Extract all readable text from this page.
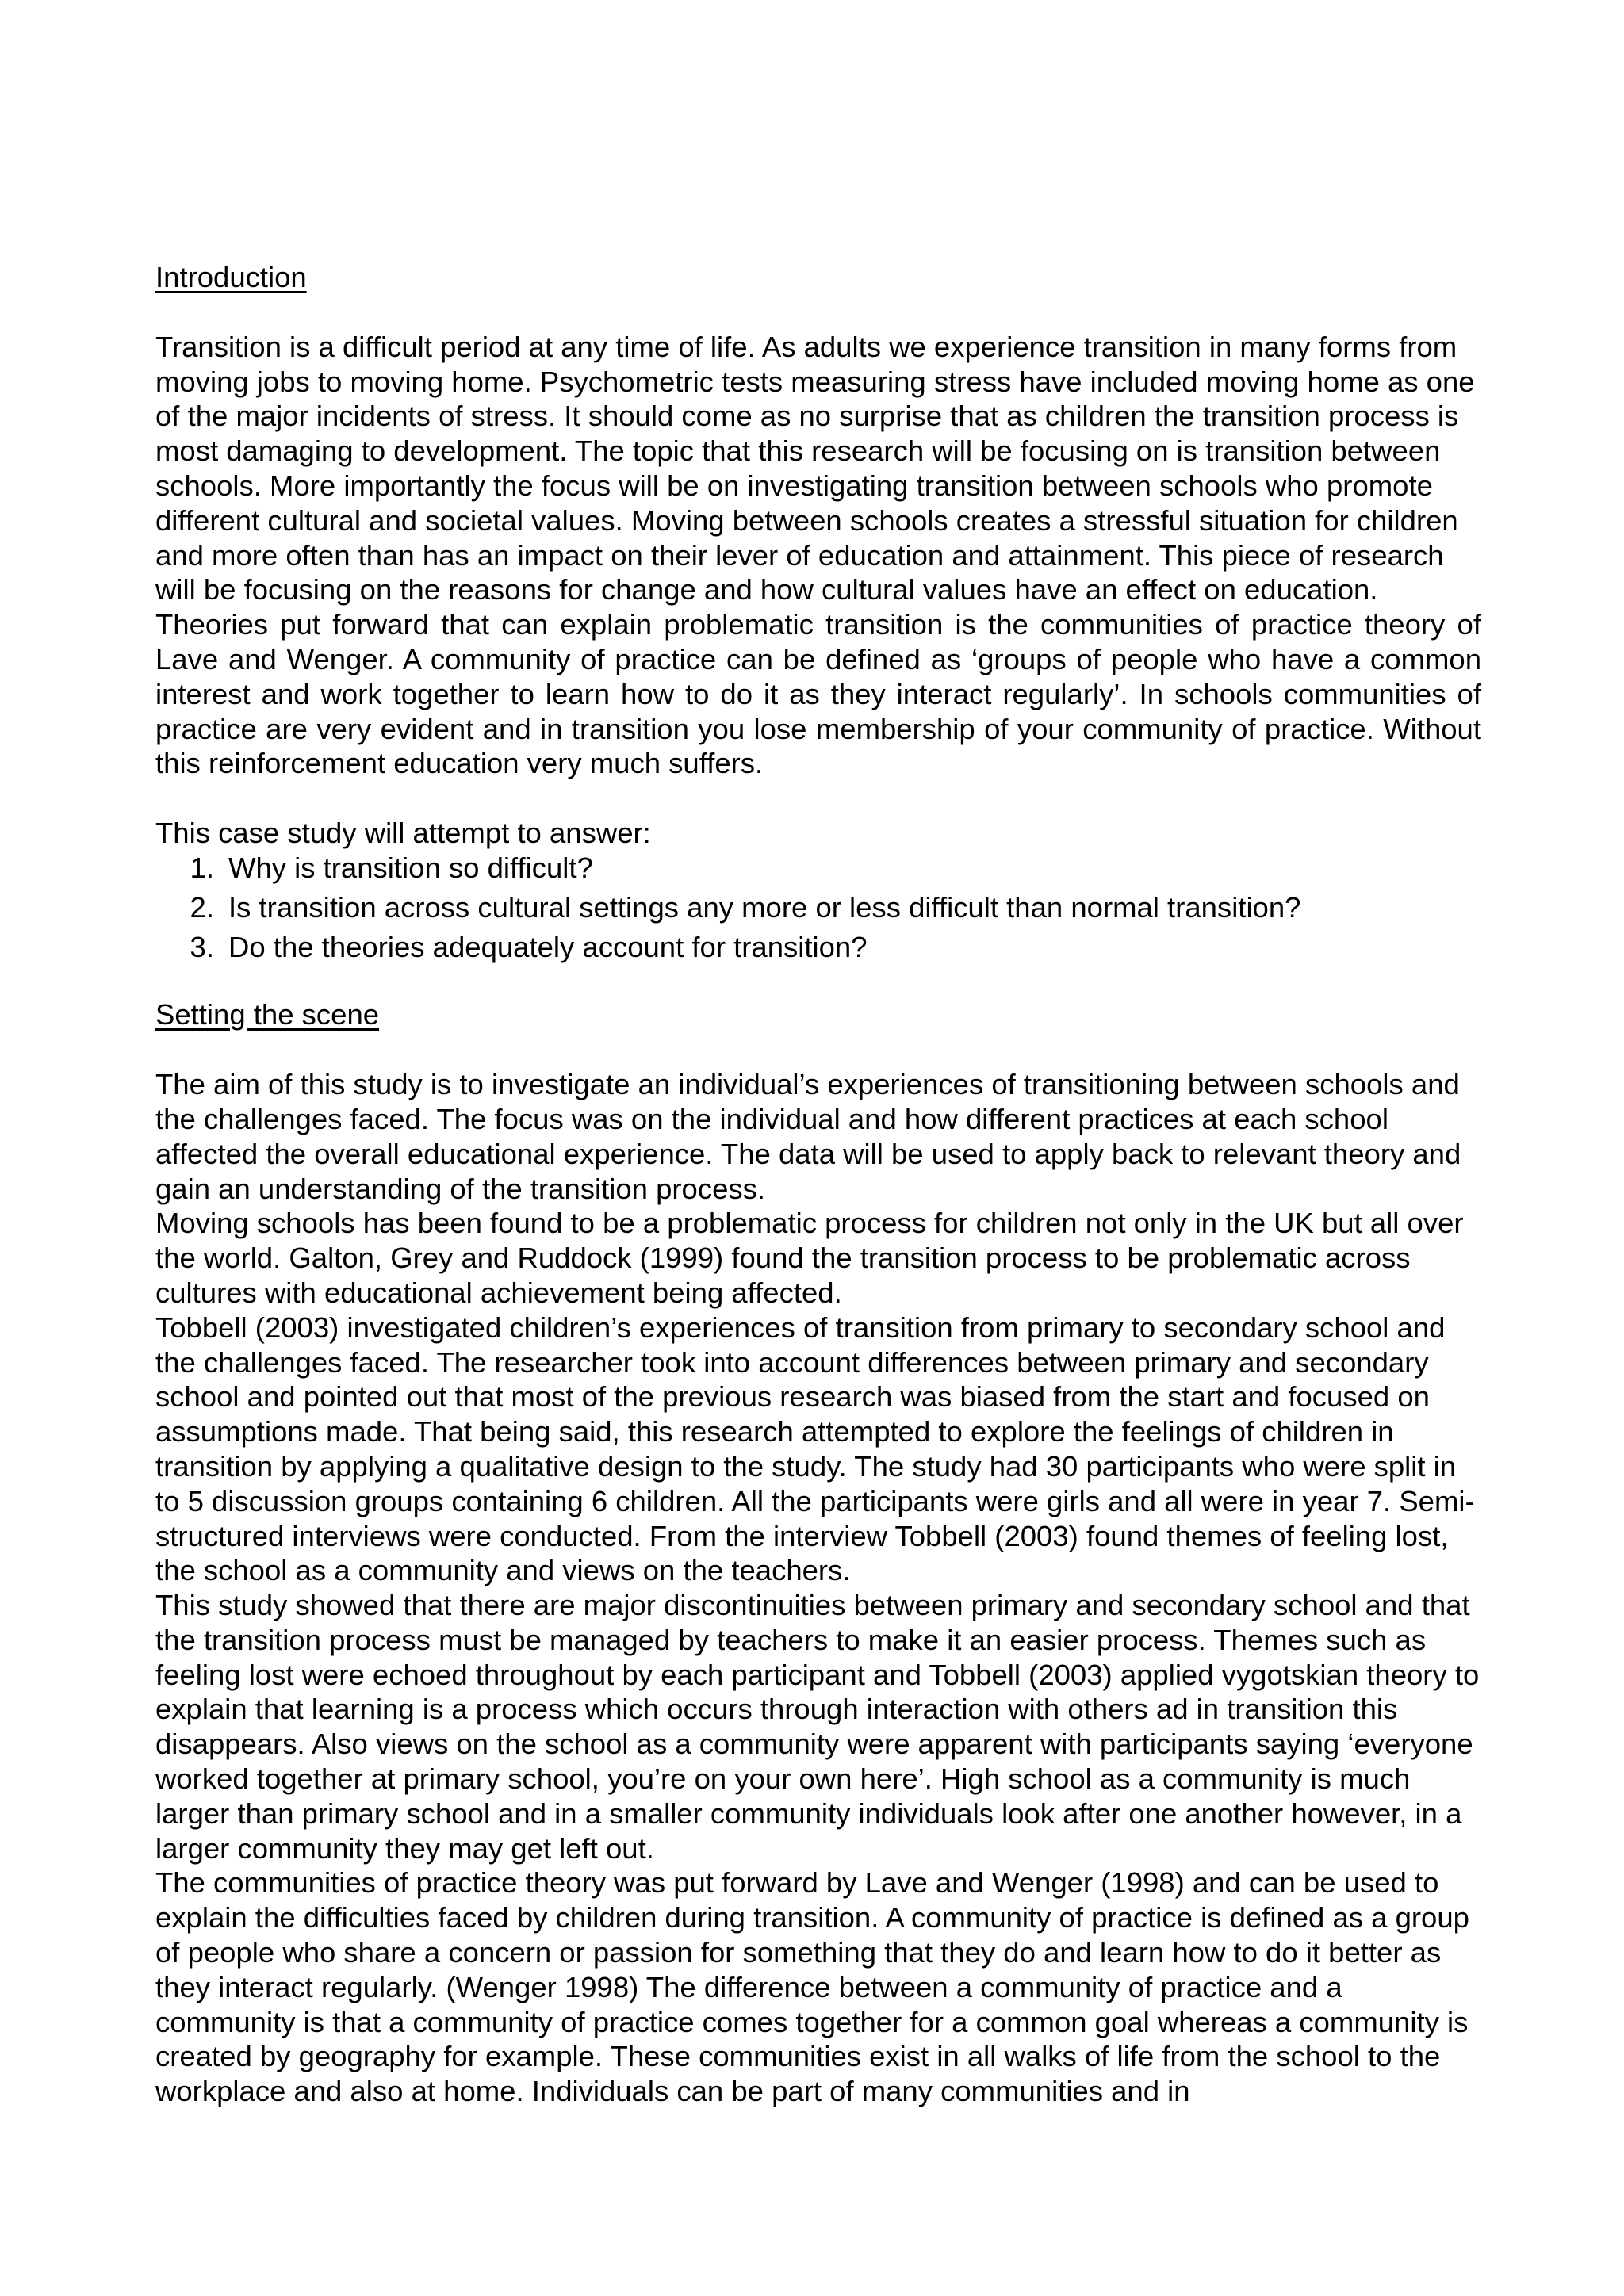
Introduction

Transition is a difficult period at any time of life. As adults we experience transition in many forms from moving jobs to moving home. Psychometric tests measuring stress have included moving home as one of the major incidents of stress. It should come as no surprise that as children the transition process is most damaging to development. The topic that this research will be focusing on is transition between schools. More importantly the focus will be on investigating transition between schools who promote different cultural and societal values. Moving between schools creates a stressful situation for children and more often than has an impact on their lever of education and attainment. This piece of research will be focusing on the reasons for change and how cultural values have an effect on education.

Theories put forward that can explain problematic transition is the communities of practice theory of Lave and Wenger. A community of practice can be defined as ‘groups of people who have a common interest and work together to learn how to do it as they interact regularly’. In schools communities of practice are very evident and in transition you lose membership of your community of practice. Without this reinforcement education very much suffers.

This case study will attempt to answer:

1. Why is transition so difficult?
2. Is transition across cultural settings any more or less difficult than normal transition?
3. Do the theories adequately account for transition?

Setting the scene

The aim of this study is to investigate an individual’s experiences of transitioning between schools and the challenges faced. The focus was on the individual and how different practices at each school affected the overall educational experience. The data will be used to apply back to relevant theory and gain an understanding of the transition process.

Moving schools has been found to be a problematic process for children not only in the UK but all over the world. Galton, Grey and Ruddock (1999) found the transition process to be problematic across cultures with educational achievement being affected.

Tobbell (2003) investigated children’s experiences of transition from primary to secondary school and the challenges faced. The researcher took into account differences between primary and secondary school and pointed out that most of the previous research was biased from the start and focused on assumptions made. That being said, this research attempted to explore the feelings of children in transition by applying a qualitative design to the study. The study had 30 participants who were split in to 5 discussion groups containing 6 children. All the participants were girls and all were in year 7. Semi-structured interviews were conducted. From the interview Tobbell (2003) found themes of feeling lost, the school as a community and views on the teachers.

This study showed that there are major discontinuities between primary and secondary school and that the transition process must be managed by teachers to make it an easier process. Themes such as feeling lost were echoed throughout by each participant and Tobbell (2003) applied vygotskian theory to explain that learning is a process which occurs through interaction with others ad in transition this disappears. Also views on the school as a community were apparent with participants saying ‘everyone worked together at primary school, you’re on your own here’. High school as a community is much larger than primary school and in a smaller community individuals look after one another however, in a larger community they may get left out.

The communities of practice theory was put forward by Lave and Wenger (1998) and can be used to explain the difficulties faced by children during transition. A community of practice is defined as a group of people who share a concern or passion for something that they do and learn how to do it better as they interact regularly. (Wenger 1998) The difference between a community of practice and a community is that a community of practice comes together for a common goal whereas a community is created by geography for example. These communities exist in all walks of life from the school to the workplace and also at home. Individuals can be part of many communities and in
